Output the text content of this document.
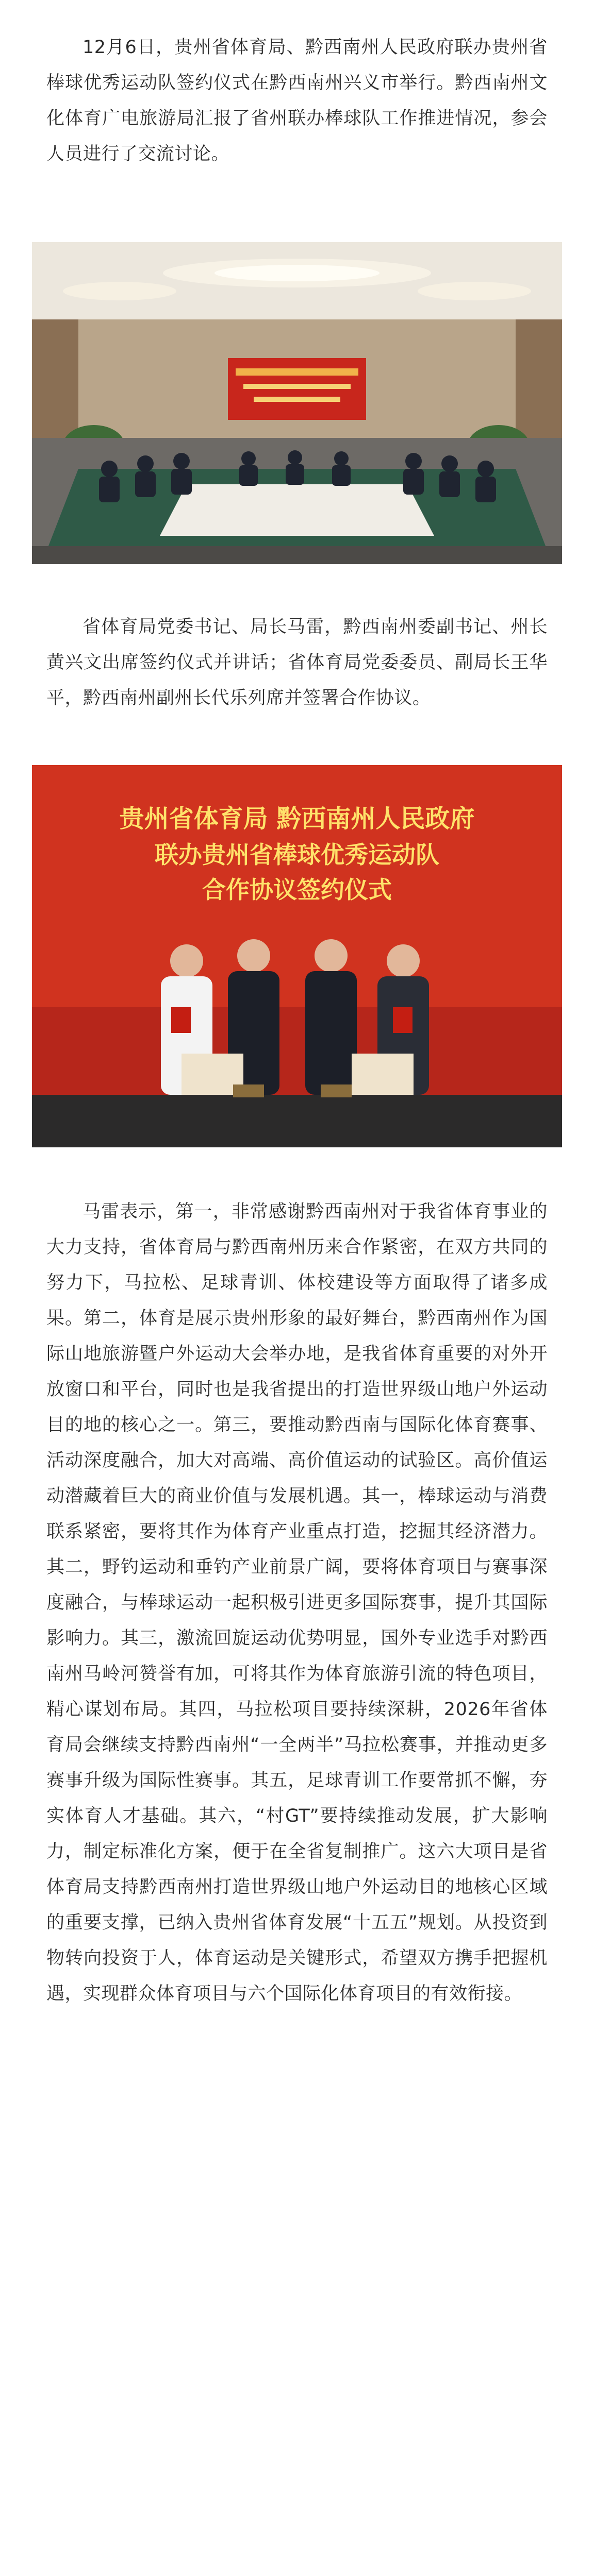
12月6日，贵州省体育局、黔西南州人民政府联办贵州省棒球优秀运动队签约仪式在黔西南州兴义市举行。黔西南州文化体育广电旅游局汇报了省州联办棒球队工作推进情况，参会人员进行了交流讨论。

省体育局党委书记、局长马雷，黔西南州委副书记、州长黄兴文出席签约仪式并讲话；省体育局党委委员、副局长王华平，黔西南州副州长代乐列席并签署合作协议。

贵州省体育局 黔西南州人民政府
联办贵州省棒球优秀运动队
合作协议签约仪式

马雷表示，第一，非常感谢黔西南州对于我省体育事业的大力支持，省体育局与黔西南州历来合作紧密，在双方共同的努力下，马拉松、足球青训、体校建设等方面取得了诸多成果。第二，体育是展示贵州形象的最好舞台，黔西南州作为国际山地旅游暨户外运动大会举办地，是我省体育重要的对外开放窗口和平台，同时也是我省提出的打造世界级山地户外运动目的地的核心之一。第三，要推动黔西南与国际化体育赛事、活动深度融合，加大对高端、高价值运动的试验区。高价值运动潜藏着巨大的商业价值与发展机遇。其一，棒球运动与消费联系紧密，要将其作为体育产业重点打造，挖掘其经济潜力。其二，野钓运动和垂钓产业前景广阔，要将体育项目与赛事深度融合，与棒球运动一起积极引进更多国际赛事，提升其国际影响力。其三，激流回旋运动优势明显，国外专业选手对黔西南州马岭河赞誉有加，可将其作为体育旅游引流的特色项目，精心谋划布局。其四，马拉松项目要持续深耕，2026年省体育局会继续支持黔西南州“一全两半”马拉松赛事，并推动更多赛事升级为国际性赛事。其五，足球青训工作要常抓不懈，夯实体育人才基础。其六，“村GT”要持续推动发展，扩大影响力，制定标准化方案，便于在全省复制推广。这六大项目是省体育局支持黔西南州打造世界级山地户外运动目的地核心区域的重要支撑，已纳入贵州省体育发展“十五五”规划。从投资到物转向投资于人，体育运动是关键形式，希望双方携手把握机遇，实现群众体育项目与六个国际化体育项目的有效衔接。
